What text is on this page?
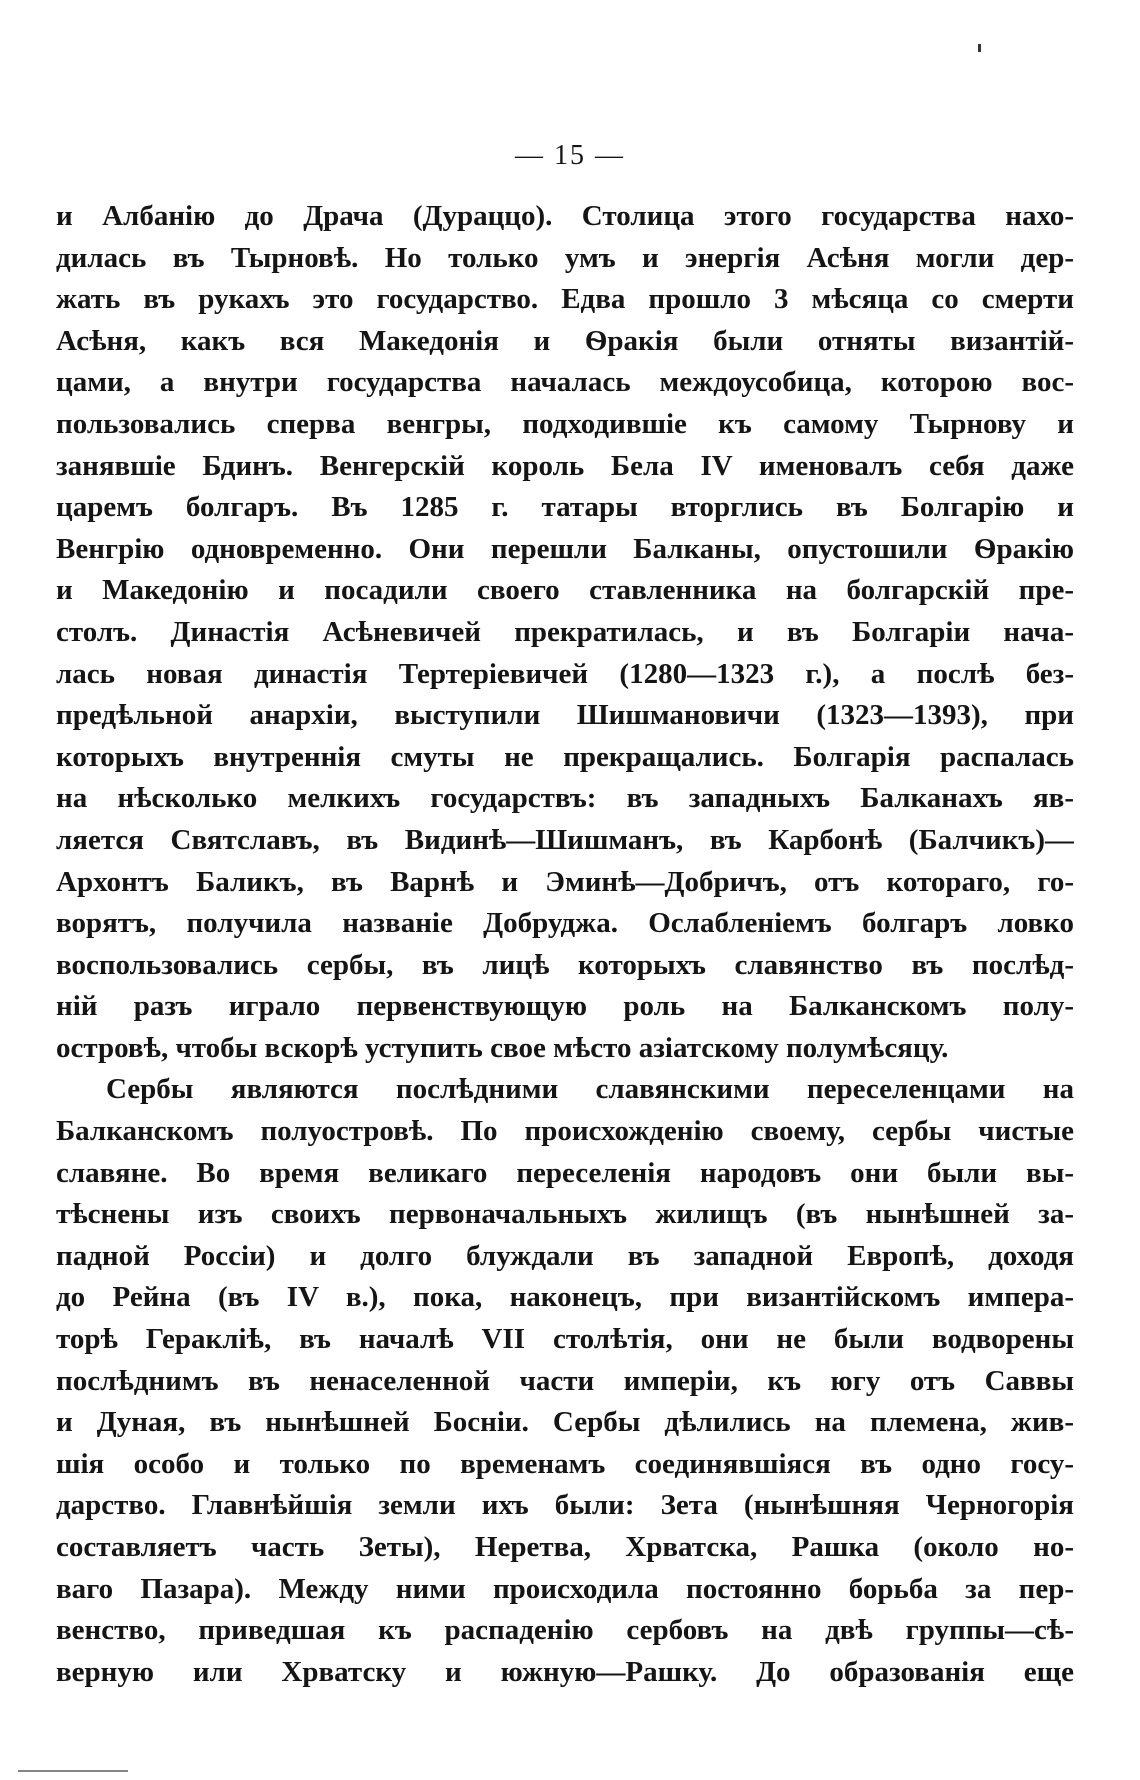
— 15 —
и Албанію до Драча (Дураццо). Столица этого государства нахо-
дилась въ Тырновѣ. Но только умъ и энергія Асѣня могли дер-
жать въ рукахъ это государство. Едва прошло 3 мѣсяца со смерти
Асѣня, какъ вся Македонія и Ѳракія были отняты византій-
цами, а внутри государства началась междоусобица, которою вос-
пользовались сперва венгры, подходившіе къ самому Тырнову и
занявшіе Бдинъ. Венгерскій король Бела IV именовалъ себя даже
царемъ болгаръ. Въ 1285 г. татары вторглись въ Болгарію и
Венгрію одновременно. Они перешли Балканы, опустошили Ѳракію
и Македонію и посадили своего ставленника на болгарскій пре-
столъ. Династія Асѣневичей прекратилась, и въ Болгаріи нача-
лась новая династія Тертеріевичей (1280—1323 г.), а послѣ без-
предѣльной анархіи, выступили Шишмановичи (1323—1393), при
которыхъ внутреннія смуты не прекращались. Болгарія распалась
на нѣсколько мелкихъ государствъ: въ западныхъ Балканахъ яв-
ляется Святславъ, въ Видинѣ—Шишманъ, въ Карбонѣ (Балчикъ)—
Архонтъ Баликъ, въ Варнѣ и Эминѣ—Добричъ, отъ котораго, го-
ворятъ, получила названіе Добруджа. Ослабленіемъ болгаръ ловко
воспользовались сербы, въ лицѣ которыхъ славянство въ послѣд-
ній разъ играло первенствующую роль на Балканскомъ полу-
островѣ, чтобы вскорѣ уступить свое мѣсто азіатскому полумѣсяцу.
Сербы являются послѣдними славянскими переселенцами на
Балканскомъ полуостровѣ. По происхожденію своему, сербы чистые
славяне. Во время великаго переселенія народовъ они были вы-
тѣснены изъ своихъ первоначальныхъ жилищъ (въ нынѣшней за-
падной Россіи) и долго блуждали въ западной Европѣ, доходя
до Рейна (въ IV в.), пока, наконецъ, при византійскомъ импера-
торѣ Гераклiѣ, въ началѣ VII столѣтія, они не были водворены
послѣднимъ въ ненаселенной части имперіи, къ югу отъ Саввы
и Дуная, въ нынѣшней Босніи. Сербы дѣлились на племена, жив-
шія особо и только по временамъ соединявшіяся въ одно госу-
дарство. Главнѣйшія земли ихъ были: Зета (нынѣшняя Черногорія
составляетъ часть Зеты), Неретва, Хрватска, Рашка (около но-
ваго Пазара). Между ними происходила постоянно борьба за пер-
венство, приведшая къ распаденію сербовъ на двѣ группы—сѣ-
верную или Хрватску и южную—Рашку. До образованія еще
